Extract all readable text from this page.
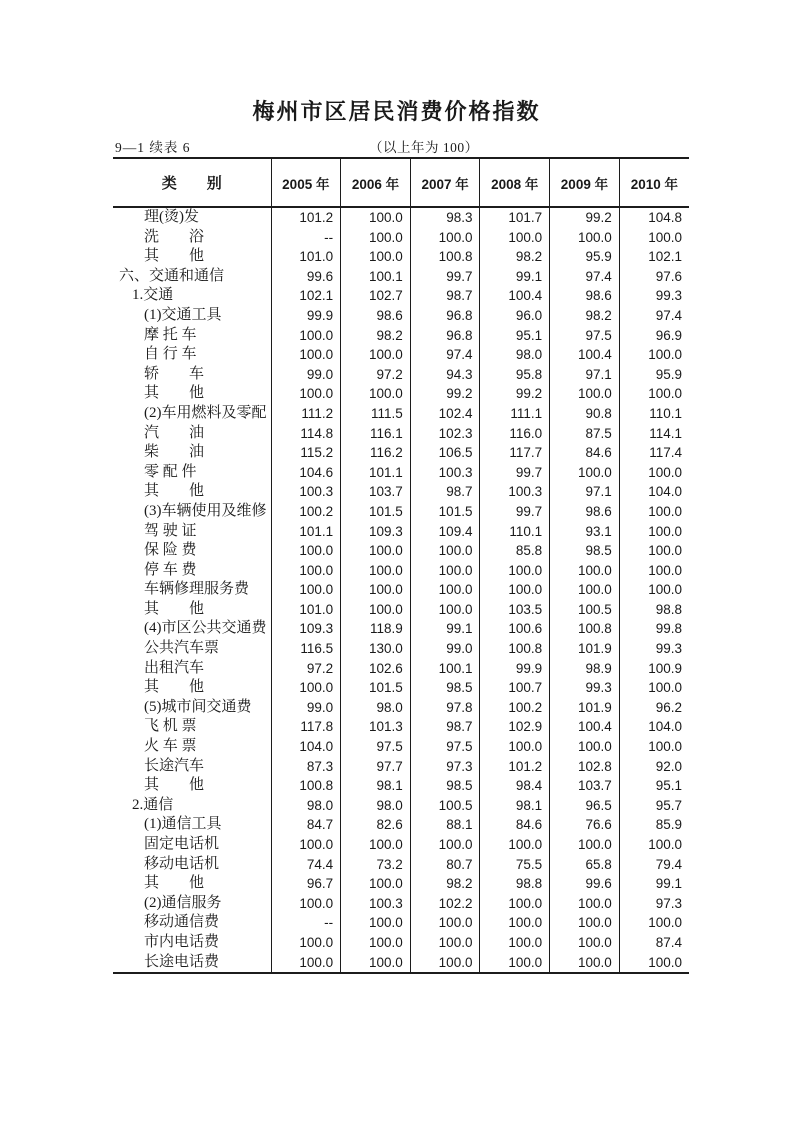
梅州市区居民消费价格指数
9—1 续表 6	（以上年为 100）
类　　别	2005 年	2006 年	2007 年	2008 年	2009 年	2010 年
理(烫)发	101.2	100.0	98.3	101.7	99.2	104.8
洗　　浴	--	100.0	100.0	100.0	100.0	100.0
其　　他	101.0	100.0	100.8	98.2	95.9	102.1
六、交通和通信	99.6	100.1	99.7	99.1	97.4	97.6
1.交通	102.1	102.7	98.7	100.4	98.6	99.3
(1)交通工具	99.9	98.6	96.8	96.0	98.2	97.4
摩 托 车	100.0	98.2	96.8	95.1	97.5	96.9
自 行 车	100.0	100.0	97.4	98.0	100.4	100.0
轿　　车	99.0	97.2	94.3	95.8	97.1	95.9
其　　他	100.0	100.0	99.2	99.2	100.0	100.0
(2)车用燃料及零配	111.2	111.5	102.4	111.1	90.8	110.1
汽　　油	114.8	116.1	102.3	116.0	87.5	114.1
柴　　油	115.2	116.2	106.5	117.7	84.6	117.4
零 配 件	104.6	101.1	100.3	99.7	100.0	100.0
其　　他	100.3	103.7	98.7	100.3	97.1	104.0
(3)车辆使用及维修	100.2	101.5	101.5	99.7	98.6	100.0
驾 驶 证	101.1	109.3	109.4	110.1	93.1	100.0
保 险 费	100.0	100.0	100.0	85.8	98.5	100.0
停 车 费	100.0	100.0	100.0	100.0	100.0	100.0
车辆修理服务费	100.0	100.0	100.0	100.0	100.0	100.0
其　　他	101.0	100.0	100.0	103.5	100.5	98.8
(4)市区公共交通费	109.3	118.9	99.1	100.6	100.8	99.8
公共汽车票	116.5	130.0	99.0	100.8	101.9	99.3
出租汽车	97.2	102.6	100.1	99.9	98.9	100.9
其　　他	100.0	101.5	98.5	100.7	99.3	100.0
(5)城市间交通费	99.0	98.0	97.8	100.2	101.9	96.2
飞 机 票	117.8	101.3	98.7	102.9	100.4	104.0
火 车 票	104.0	97.5	97.5	100.0	100.0	100.0
长途汽车	87.3	97.7	97.3	101.2	102.8	92.0
其　　他	100.8	98.1	98.5	98.4	103.7	95.1
2.通信	98.0	98.0	100.5	98.1	96.5	95.7
(1)通信工具	84.7	82.6	88.1	84.6	76.6	85.9
固定电话机	100.0	100.0	100.0	100.0	100.0	100.0
移动电话机	74.4	73.2	80.7	75.5	65.8	79.4
其　　他	96.7	100.0	98.2	98.8	99.6	99.1
(2)通信服务	100.0	100.3	102.2	100.0	100.0	97.3
移动通信费	--	100.0	100.0	100.0	100.0	100.0
市内电话费	100.0	100.0	100.0	100.0	100.0	87.4
长途电话费	100.0	100.0	100.0	100.0	100.0	100.0
